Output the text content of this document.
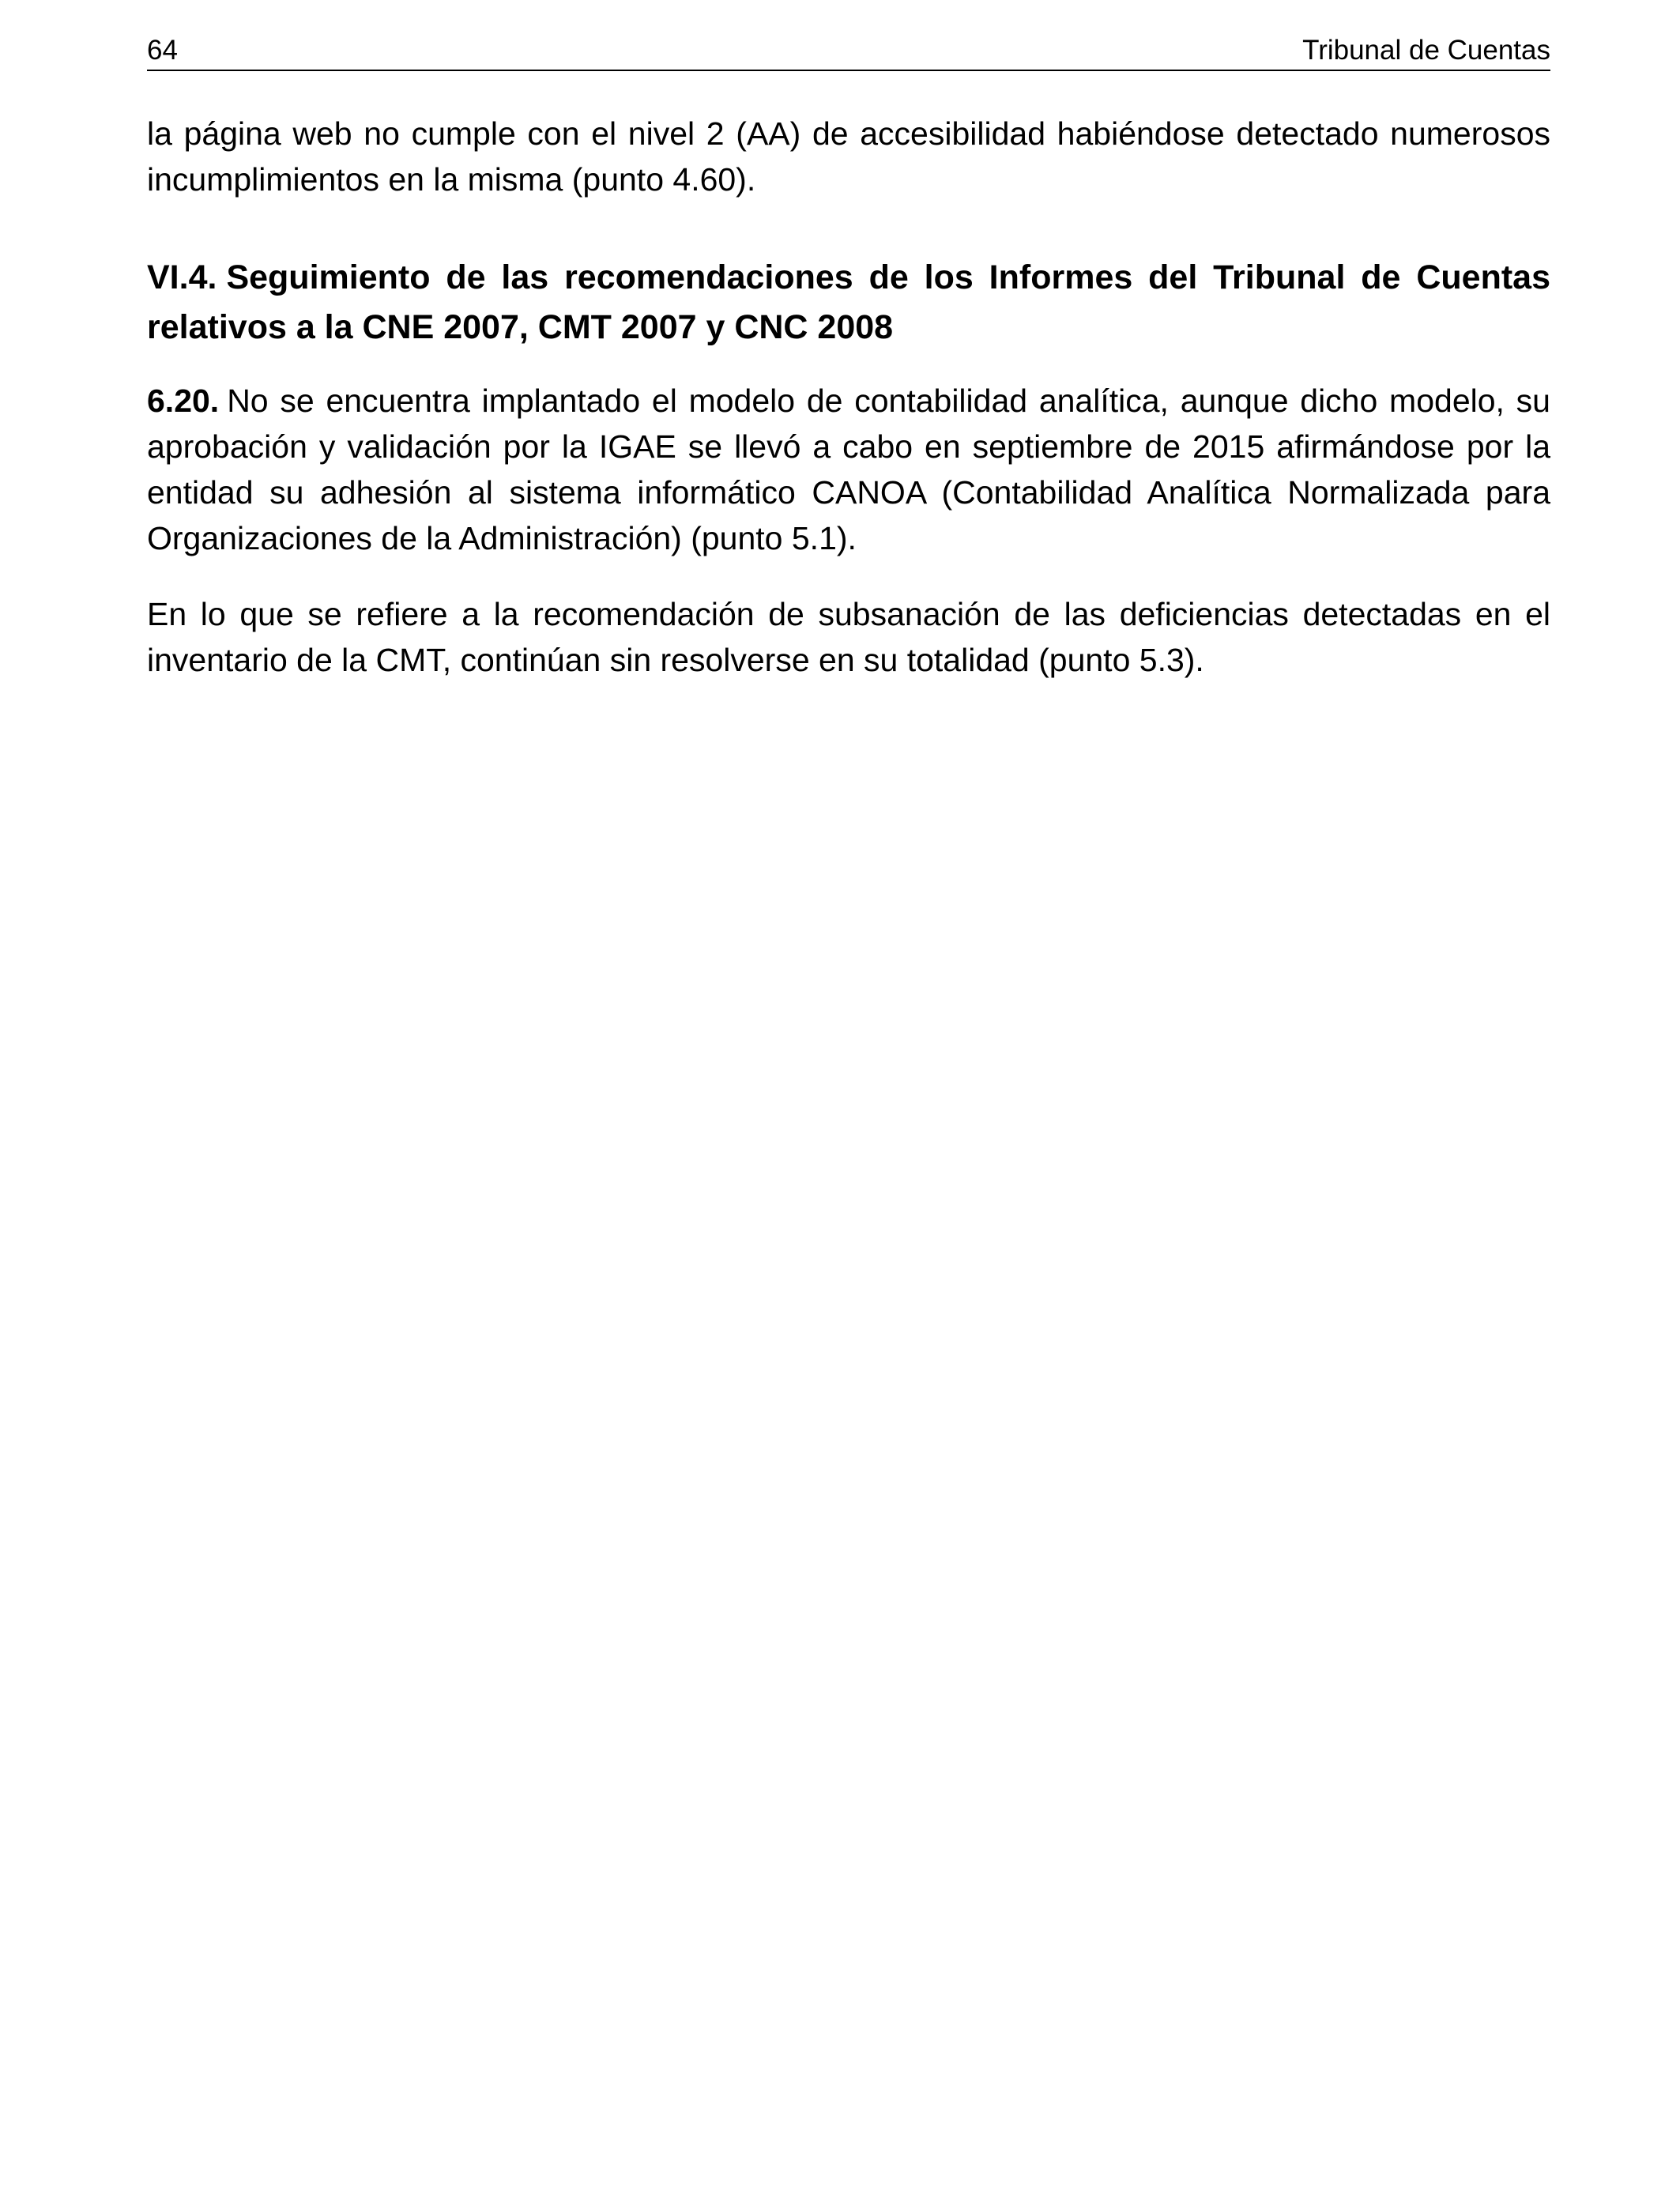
64	Tribunal de Cuentas

la página web no cumple con el nivel 2 (AA) de accesibilidad habiéndose detectado numerosos incumplimientos en la misma (punto 4.60).

VI.4. Seguimiento de las recomendaciones de los Informes del Tribunal de Cuentas relativos a la CNE 2007, CMT 2007 y CNC 2008

6.20. No se encuentra implantado el modelo de contabilidad analítica, aunque dicho modelo, su aprobación y validación por la IGAE se llevó a cabo en septiembre de 2015 afirmándose por la entidad su adhesión al sistema informático CANOA (Contabilidad Analítica Normalizada para Organizaciones de la Administración) (punto 5.1).

En lo que se refiere a la recomendación de subsanación de las deficiencias detectadas en el inventario de la CMT, continúan sin resolverse en su totalidad (punto 5.3).
